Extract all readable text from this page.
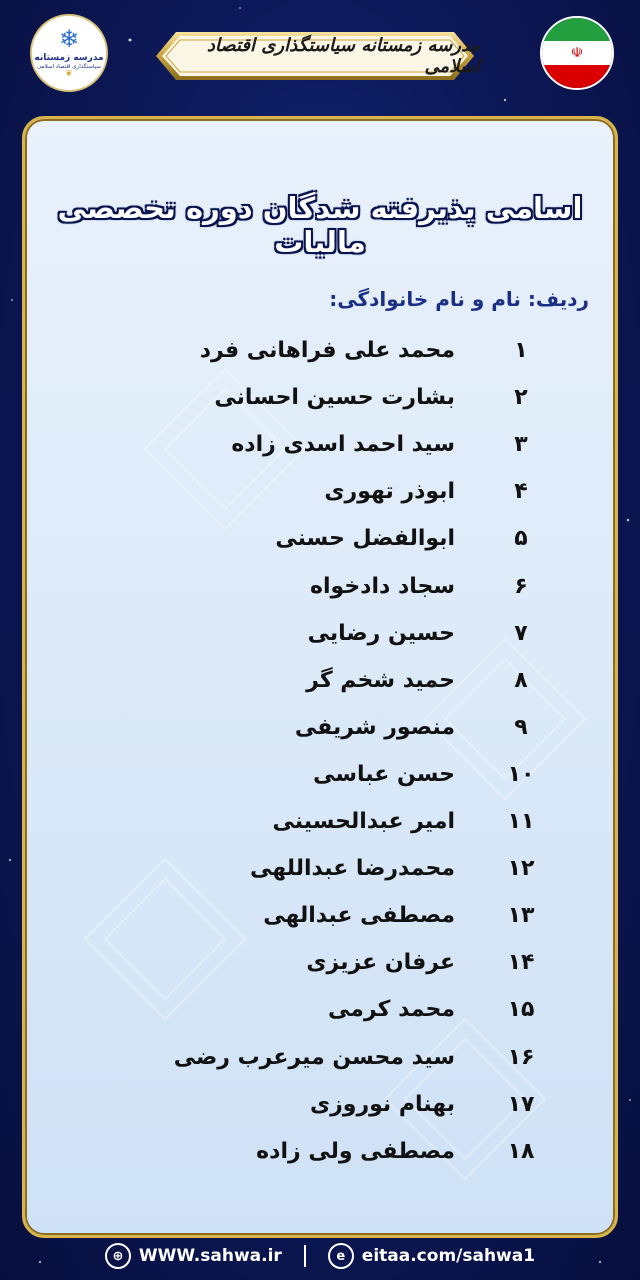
❄
مدرسه زمستانه
سیاستگذاری اقتصاد اسلامی
❦
مدرسه زمستانه سیاستگذاری اقتصاد اسلامی
☫
اسامی پذیرفته شدگان دوره تخصصی مالیات
ردیف: نام و نام خانوادگی:
۱
محمد علی فراهانی فرد
۲
بشارت حسین احسانی
۳
سید احمد اسدی زاده
۴
ابوذر تهوری
۵
ابوالفضل حسنی
۶
سجاد دادخواه
۷
حسین رضایی
۸
حمید شخم گر
۹
منصور شریفی
۱۰
حسن عباسی
۱۱
امیر عبدالحسینی
۱۲
محمدرضا عبداللهی
۱۳
مصطفی عبدالهی
۱۴
عرفان عزیزی
۱۵
محمد کرمی
۱۶
سید محسن میرعرب رضی
۱۷
بهنام نوروزی
۱۸
مصطفی ولی زاده
⊕ WWW.sahwa.ir	e eitaa.com/sahwa1
